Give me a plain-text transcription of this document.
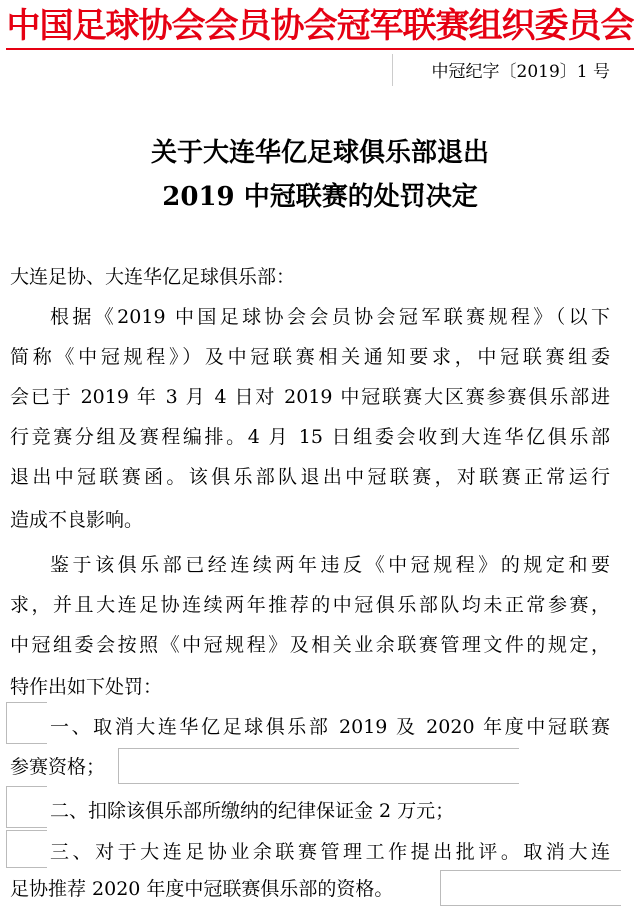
中国足球协会会员协会冠军联赛组织委员会
中冠纪字〔2019〕1 号
关于大连华亿足球俱乐部退出
2019 中冠联赛的处罚决定
大连足协、大连华亿足球俱乐部：
根据《2019 中国足球协会会员协会冠军联赛规程》（以下
简称《中冠规程》）及中冠联赛相关通知要求，中冠联赛组委
会已于 2019 年 3 月 4 日对 2019 中冠联赛大区赛参赛俱乐部进
行竞赛分组及赛程编排。4 月 15 日组委会收到大连华亿俱乐部
退出中冠联赛函。该俱乐部队退出中冠联赛，对联赛正常运行
造成不良影响。
鉴于该俱乐部已经连续两年违反《中冠规程》的规定和要
求，并且大连足协连续两年推荐的中冠俱乐部队均未正常参赛，
中冠组委会按照《中冠规程》及相关业余联赛管理文件的规定，
特作出如下处罚：
一、取消大连华亿足球俱乐部 2019 及 2020 年度中冠联赛
参赛资格；
二、扣除该俱乐部所缴纳的纪律保证金 2 万元；
三、对于大连足协业余联赛管理工作提出批评。取消大连
足协推荐 2020 年度中冠联赛俱乐部的资格。
